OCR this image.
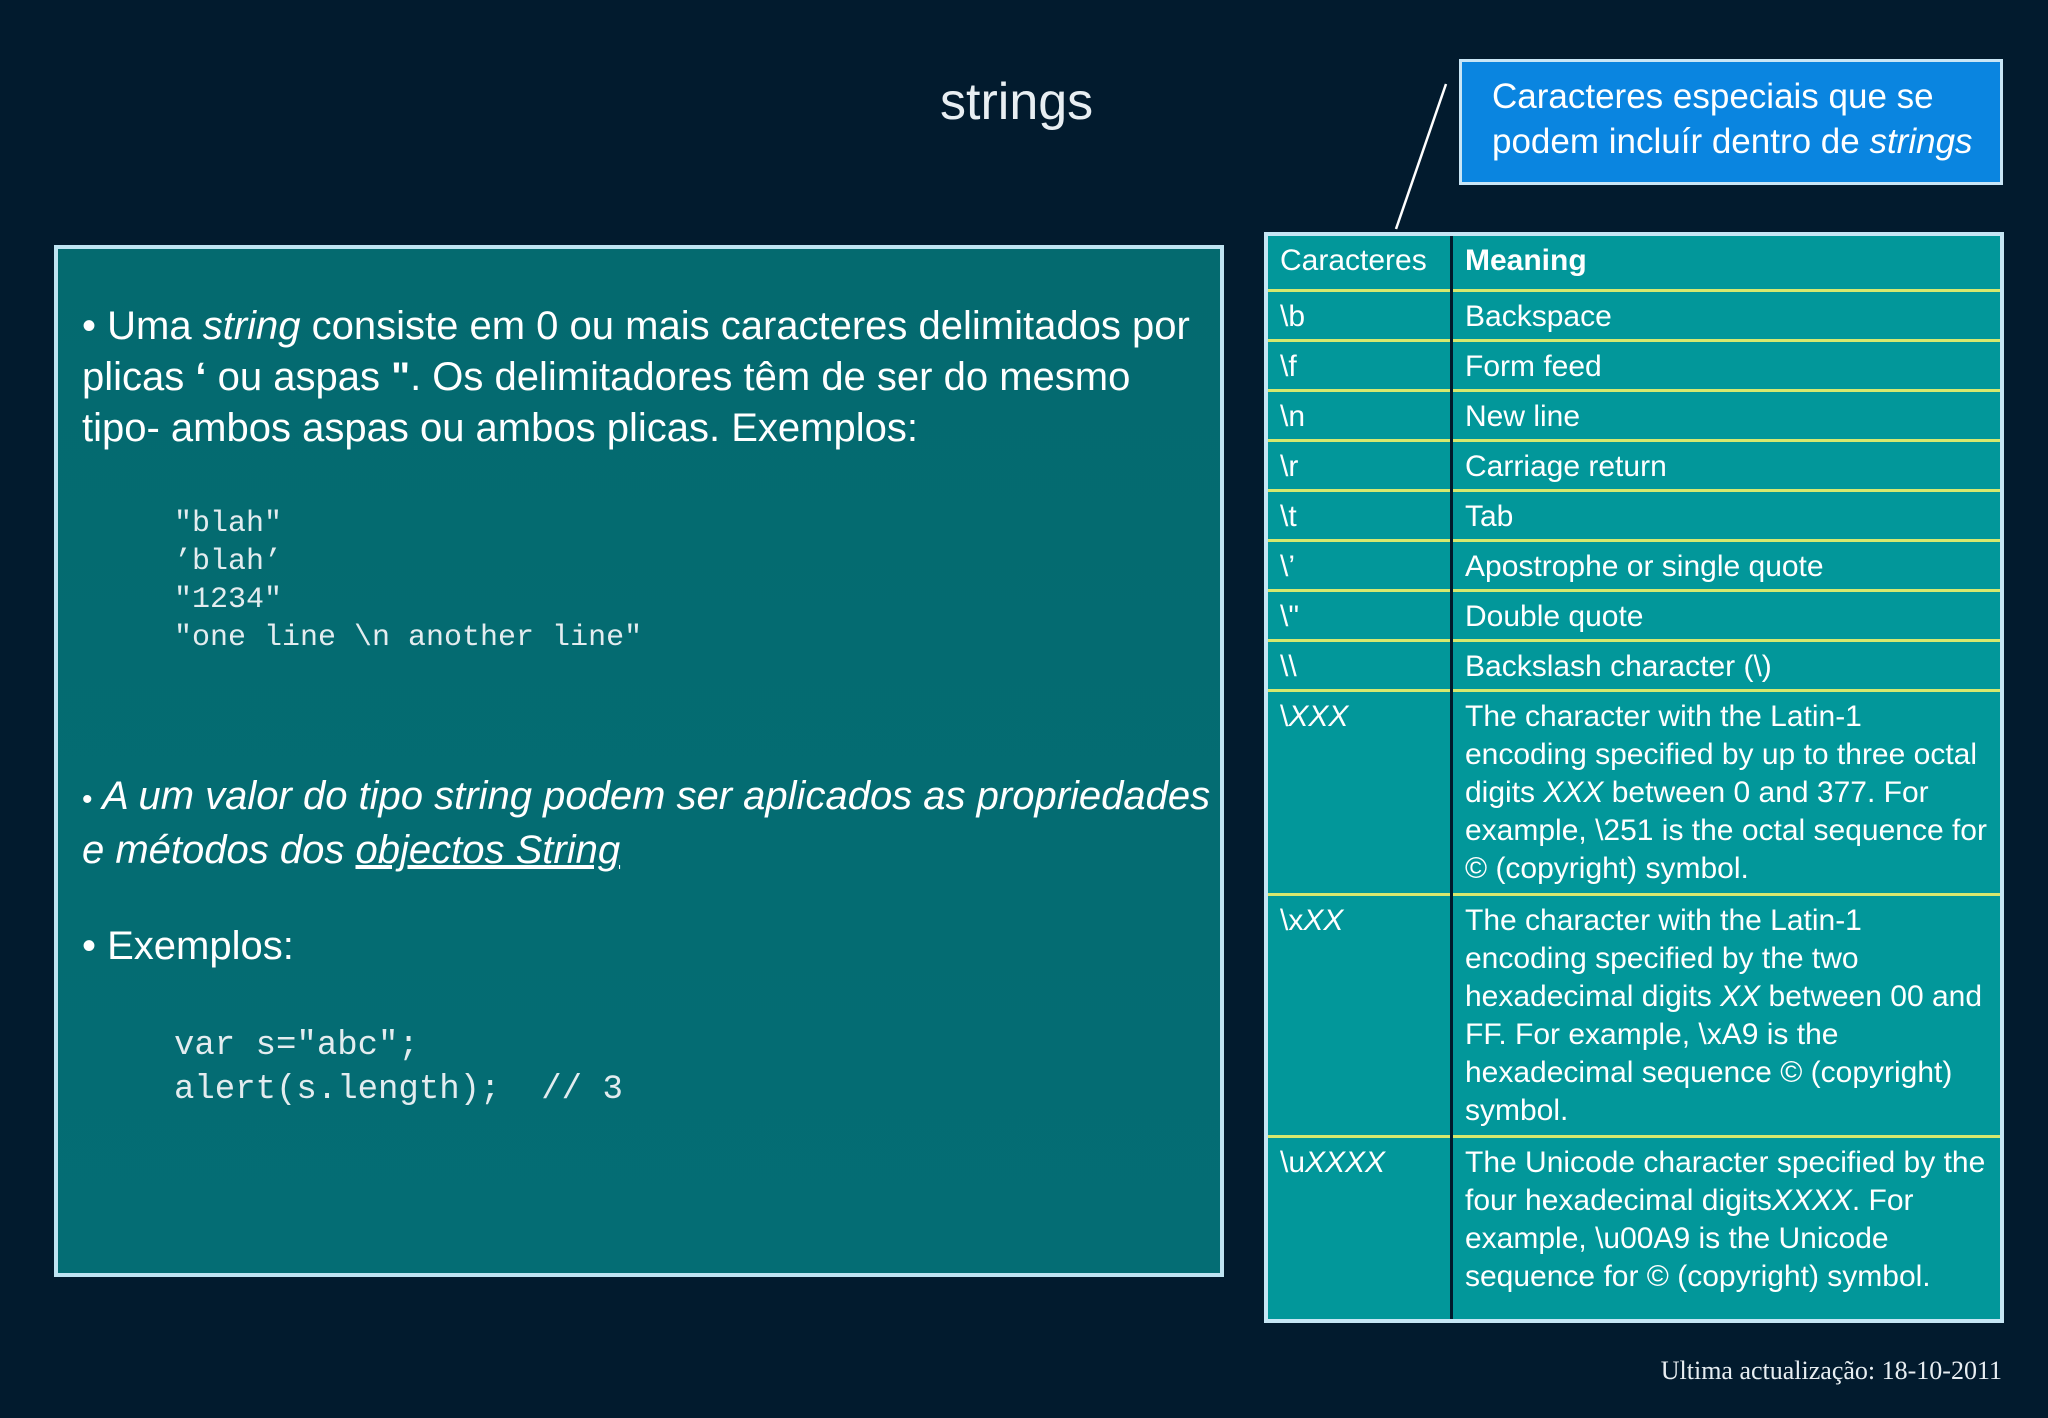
strings	Caracteres especiais que se
podem incluír dentro de strings
• Uma string consiste em 0 ou mais caracteres delimitados por plicas ‘ ou aspas ". Os delimitadores têm de ser do mesmo tipo- ambos aspas ou ambos plicas. Exemplos:
"blah"
’blah’
"1234"
"one line \n another line"
• A um valor do tipo string podem ser aplicados as propriedades e métodos dos objectos String
• Exemplos:
var s="abc";
alert(s.length);  // 3
Caracteres	Meaning
\b	Backspace
\f	Form feed
\n	New line
\r	Carriage return
\t	Tab
\’	Apostrophe or single quote
\"	Double quote
\\	Backslash character (\)
\XXX	The character with the Latin-1 encoding specified by up to three octal digits XXX between 0 and 377. For example, \251 is the octal sequence for © (copyright) symbol.
\xXX	The character with the Latin-1 encoding specified by the two hexadecimal digits XX between 00 and FF. For example, \xA9 is the hexadecimal sequence © (copyright) symbol.
\uXXXX	The Unicode character specified by the four hexadecimal digitsXXXX. For example, \u00A9 is the Unicode sequence for © (copyright) symbol.
Ultima actualização: 18-10-2011
